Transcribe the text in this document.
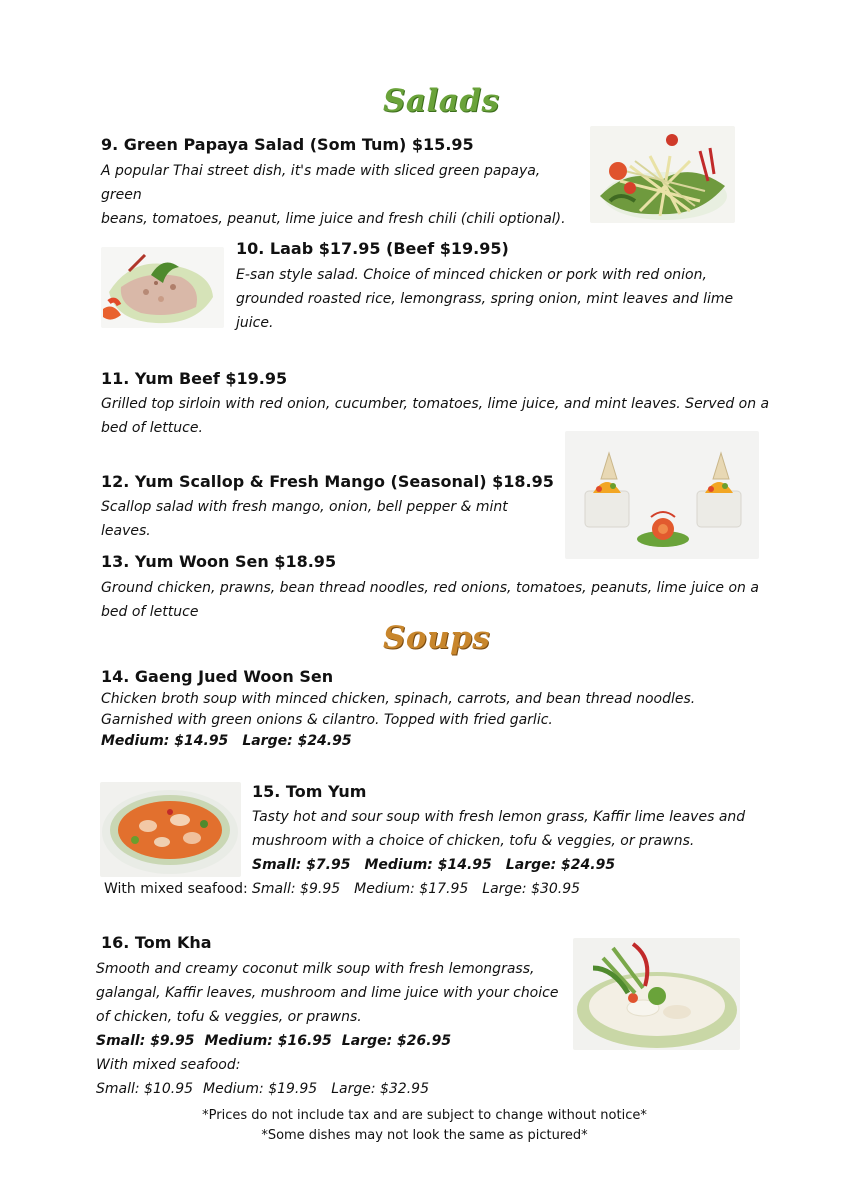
Salads
9. Green Papaya Salad (Som Tum) $15.95
A popular Thai street dish, it's made with sliced green papaya, green
beans, tomatoes, peanut, lime juice and fresh chili (chili optional).
10. Laab $17.95 (Beef $19.95)
E-san style salad. Choice of minced chicken or pork with red onion,
grounded roasted rice, lemongrass, spring onion, mint leaves and lime
juice.
11. Yum Beef $19.95
Grilled top sirloin with red onion, cucumber, tomatoes, lime juice, and mint leaves. Served on a
bed of lettuce.
12. Yum Scallop & Fresh Mango (Seasonal) $18.95
Scallop salad with fresh mango, onion, bell pepper & mint leaves.
13. Yum Woon Sen $18.95
Ground chicken, prawns, bean thread noodles, red onions, tomatoes, peanuts, lime juice on a
bed of lettuce
Soups
14. Gaeng Jued Woon Sen
Chicken broth soup with minced chicken, spinach, carrots, and bean thread noodles.
Garnished with green onions & cilantro. Topped with fried garlic.
Medium: $14.95 Large: $24.95
15. Tom Yum
Tasty hot and sour soup with fresh lemon grass, Kaffir lime leaves and
mushroom with a choice of chicken, tofu & veggies, or prawns.
Small: $7.95 Medium: $14.95 Large: $24.95
Small: $9.95 Medium: $17.95 Large: $30.95
With mixed seafood:
16. Tom Kha
Smooth and creamy coconut milk soup with fresh lemongrass,
galangal, Kaffir leaves, mushroom and lime juice with your choice
of chicken, tofu & veggies, or prawns.
Small: $9.95 Medium: $16.95 Large: $26.95
With mixed seafood:
Small: $10.95 Medium: $19.95 Large: $32.95
*Prices do not include tax and are subject to change without notice*
*Some dishes may not look the same as pictured*
